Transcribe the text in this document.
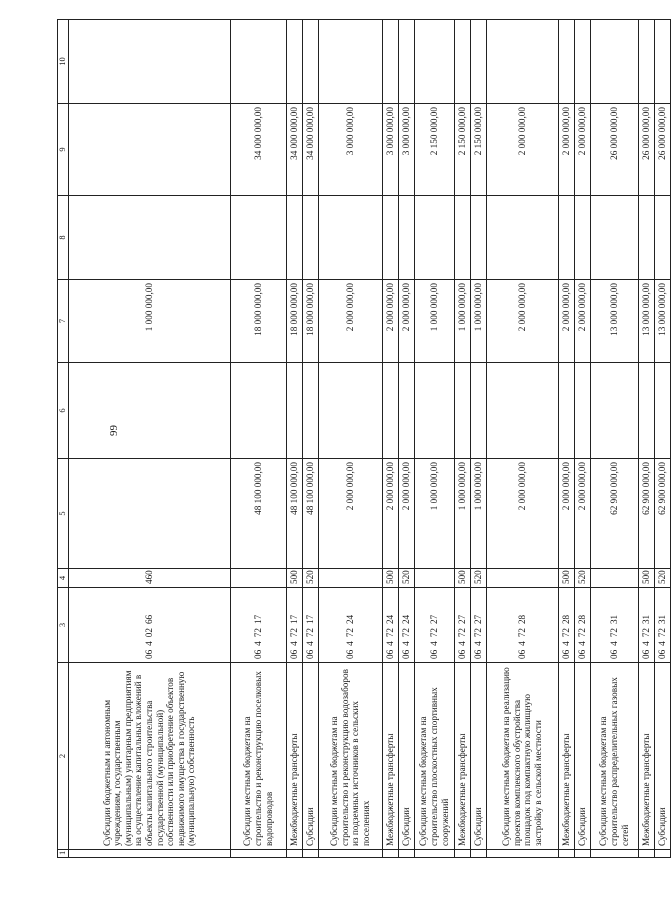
99
1	2	3	4	5	6	7	8	9	10
	Субсидии бюджетным и автономным учреждениям, государственным (муниципальным) унитарным предприятиям на осуществление капитальных вложений в объекты капитального строительства государственной (муниципальной) собственности или приобретение объектов недвижимого имущества в государственную (муниципальную) собственность	0640266	460			1 000 000,00			
	Субсидии местным бюджетам на строительство и реконструкцию поселковых водопроводов	0647217		48 100 000,00		18 000 000,00		34 000 000,00	
	Межбюджетные трансферты	0647217	500	48 100 000,00		18 000 000,00		34 000 000,00	
	Субсидии	0647217	520	48 100 000,00		18 000 000,00		34 000 000,00	
	Субсидии местным бюджетам на строительство и реконструкцию водозаборов из подземных источников в сельских поселениях	0647224		2 000 000,00		2 000 000,00		3 000 000,00	
	Межбюджетные трансферты	0647224	500	2 000 000,00		2 000 000,00		3 000 000,00	
	Субсидии	0647224	520	2 000 000,00		2 000 000,00		3 000 000,00	
	Субсидии местным бюджетам на строительство плоскостных спортивных сооружений	0647227		1 000 000,00		1 000 000,00		2 150 000,00	
	Межбюджетные трансферты	0647227	500	1 000 000,00		1 000 000,00		2 150 000,00	
	Субсидии	0647227	520	1 000 000,00		1 000 000,00		2 150 000,00	
	Субсидии местным бюджетам на реализацию проектов комплексного обустройства площадок под компактную жилищную застройку в сельской местности	0647228		2 000 000,00		2 000 000,00		2 000 000,00	
	Межбюджетные трансферты	0647228	500	2 000 000,00		2 000 000,00		2 000 000,00	
	Субсидии	0647228	520	2 000 000,00		2 000 000,00		2 000 000,00	
	Субсидии местным бюджетам на строительство распределительных газовых сетей	0647231		62 900 000,00		13 000 000,00		26 000 000,00	
	Межбюджетные трансферты	0647231	500	62 900 000,00		13 000 000,00		26 000 000,00	
	Субсидии	0647231	520	62 900 000,00		13 000 000,00		26 000 000,00	
